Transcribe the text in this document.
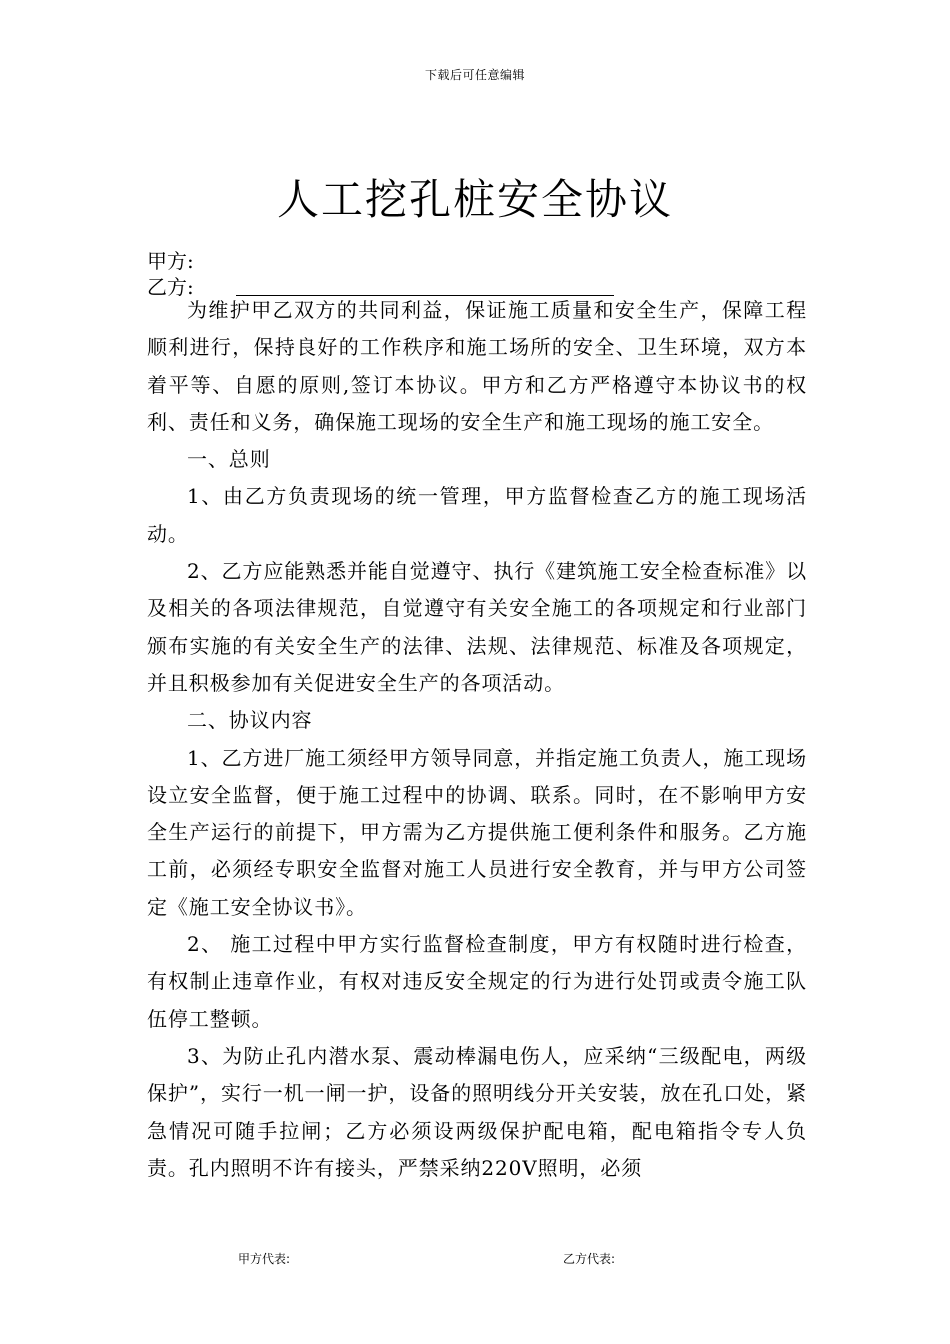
下载后可任意编辑
人工挖孔桩安全协议
甲方:
乙方:

为维护甲乙双方的共同利益，保证施工质量和安全生产，保障工程顺利进行，保持良好的工作秩序和施工场所的安全、卫生环境，双方本着平等、自愿的原则,签订本协议。甲方和乙方严格遵守本协议书的权利、责任和义务，确保施工现场的安全生产和施工现场的施工安全。

一、总则

1、由乙方负责现场的统一管理，甲方监督检查乙方的施工现场活动。

2、乙方应能熟悉并能自觉遵守、执行《建筑施工安全检查标准》以及相关的各项法律规范，自觉遵守有关安全施工的各项规定和行业部门颁布实施的有关安全生产的法律、法规、法律规范、标准及各项规定，并且积极参加有关促进安全生产的各项活动。

二、协议内容

1、乙方进厂施工须经甲方领导同意，并指定施工负责人，施工现场设立安全监督，便于施工过程中的协调、联系。同时，在不影响甲方安全生产运行的前提下，甲方需为乙方提供施工便利条件和服务。乙方施工前，必须经专职安全监督对施工人员进行安全教育，并与甲方公司签定《施工安全协议书》。

2、 施工过程中甲方实行监督检查制度，甲方有权随时进行检查，有权制止违章作业，有权对违反安全规定的行为进行处罚或责令施工队伍停工整顿。

3、为防止孔内潜水泵、震动棒漏电伤人，应采纳“三级配电，两级保护”，实行一机一闸一护，设备的照明线分开关安装，放在孔口处，紧急情况可随手拉闸；乙方必须设两级保护配电箱，配电箱指令专人负责。孔内照明不许有接头，严禁采纳220V照明，必须

甲方代表:	乙方代表:
